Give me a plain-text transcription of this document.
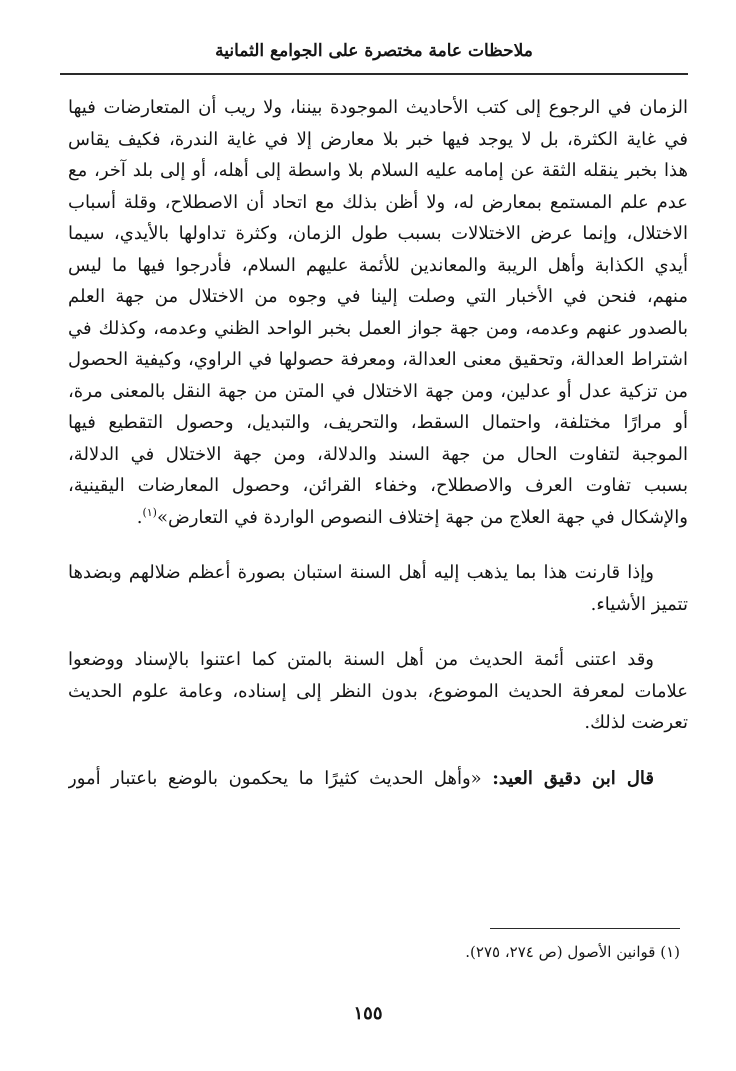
ملاحظات عامة مختصرة على الجوامع الثمانية
الزمان في الرجوع إلى كتب الأحاديث الموجودة بيننا، ولا ريب أن المتعارضات فيها
في غاية الكثرة، بل لا يوجد فيها خبر بلا معارض إلا في غاية الندرة، فكيف يقاس
هذا بخبر ينقله الثقة عن إمامه عليه السلام بلا واسطة إلى أهله، أو إلى بلد آخر، مع
عدم علم المستمع بمعارض له، ولا أظن بذلك مع اتحاد أن الاصطلاح، وقلة أسباب
الاختلال، وإنما عرض الاختلالات بسبب طول الزمان، وكثرة تداولها بالأيدي، سيما
أيدي الكذابة وأهل الريبة والمعاندين للأئمة عليهم السلام، فأدرجوا فيها ما ليس
منهم، فنحن في الأخبار التي وصلت إلينا في وجوه من الاختلال من جهة العلم
بالصدور عنهم وعدمه، ومن جهة جواز العمل بخبر الواحد الظني وعدمه، وكذلك في
اشتراط العدالة، وتحقيق معنى العدالة، ومعرفة حصولها في الراوي، وكيفية الحصول
من تزكية عدل أو عدلين، ومن جهة الاختلال في المتن من جهة النقل بالمعنى مرة،
أو مرارًا مختلفة، واحتمال السقط، والتحريف، والتبديل، وحصول التقطيع فيها
الموجبة لتفاوت الحال من جهة السند والدلالة، ومن جهة الاختلال في الدلالة،
بسبب تفاوت العرف والاصطلاح، وخفاء القرائن، وحصول المعارضات اليقينية،
والإشكال في جهة العلاج من جهة إختلاف النصوص الواردة في التعارض»$^{(١)}$.
وإذا قارنت هذا بما يذهب إليه أهل السنة استبان بصورة أعظم ضلالهم وبضدها
تتميز الأشياء.
وقد اعتنى أئمة الحديث من أهل السنة بالمتن كما اعتنوا بالإسناد ووضعوا
علامات لمعرفة الحديث الموضوع، بدون النظر إلى إسناده، وعامة علوم الحديث
تعرضت لذلك.
قال ابن دقيق العيد: «وأهل الحديث كثيرًا ما يحكمون بالوضع باعتبار أمور
(١) قوانين الأصول (ص ٢٧٤، ٢٧٥).
١٥٥
